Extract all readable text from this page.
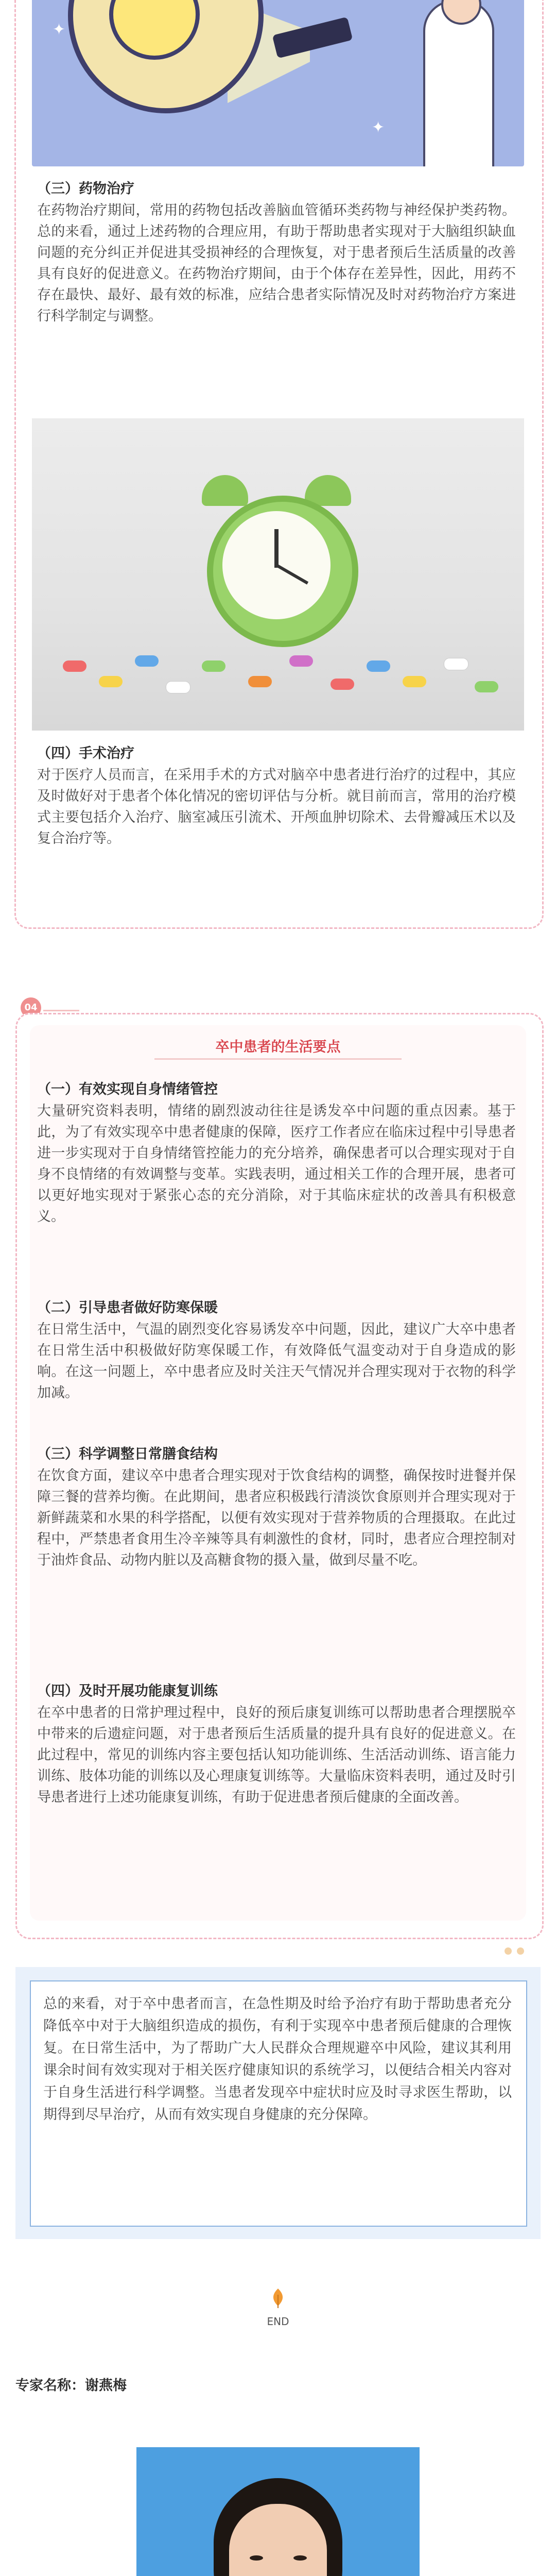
✦
✦
（三）药物治疗
在药物治疗期间，常用的药物包括改善脑血管循环类药物与神经保护类药物。总的来看，通过上述药物的合理应用，有助于帮助患者实现对于大脑组织缺血问题的充分纠正并促进其受损神经的合理恢复，对于患者预后生活质量的改善具有良好的促进意义。在药物治疗期间，由于个体存在差异性，因此，用药不存在最快、最好、最有效的标准，应结合患者实际情况及时对药物治疗方案进行科学制定与调整。
（四）手术治疗
对于医疗人员而言，在采用手术的方式对脑卒中患者进行治疗的过程中，其应及时做好对于患者个体化情况的密切评估与分析。就目前而言，常用的治疗模式主要包括介入治疗、脑室减压引流术、开颅血肿切除术、去骨瓣减压术以及复合治疗等。
04
卒中患者的生活要点
（一）有效实现自身情绪管控
大量研究资料表明，情绪的剧烈波动往往是诱发卒中问题的重点因素。基于此，为了有效实现卒中患者健康的保障，医疗工作者应在临床过程中引导患者进一步实现对于自身情绪管控能力的充分培养，确保患者可以合理实现对于自身不良情绪的有效调整与变革。实践表明，通过相关工作的合理开展，患者可以更好地实现对于紧张心态的充分消除，对于其临床症状的改善具有积极意义。
（二）引导患者做好防寒保暖
在日常生活中，气温的剧烈变化容易诱发卒中问题，因此，建议广大卒中患者在日常生活中积极做好防寒保暖工作，有效降低气温变动对于自身造成的影响。在这一问题上，卒中患者应及时关注天气情况并合理实现对于衣物的科学加减。
（三）科学调整日常膳食结构
在饮食方面，建议卒中患者合理实现对于饮食结构的调整，确保按时进餐并保障三餐的营养均衡。在此期间，患者应积极践行清淡饮食原则并合理实现对于新鲜蔬菜和水果的科学搭配，以便有效实现对于营养物质的合理摄取。在此过程中，严禁患者食用生冷辛辣等具有刺激性的食材，同时，患者应合理控制对于油炸食品、动物内脏以及高糖食物的摄入量，做到尽量不吃。
（四）及时开展功能康复训练
在卒中患者的日常护理过程中，良好的预后康复训练可以帮助患者合理摆脱卒中带来的后遗症问题，对于患者预后生活质量的提升具有良好的促进意义。在此过程中，常见的训练内容主要包括认知功能训练、生活活动训练、语言能力训练、肢体功能的训练以及心理康复训练等。大量临床资料表明，通过及时引导患者进行上述功能康复训练，有助于促进患者预后健康的全面改善。
总的来看，对于卒中患者而言，在急性期及时给予治疗有助于帮助患者充分降低卒中对于大脑组织造成的损伤，有利于实现卒中患者预后健康的合理恢复。在日常生活中，为了帮助广大人民群众合理规避卒中风险，建议其利用课余时间有效实现对于相关医疗健康知识的系统学习，以便结合相关内容对于自身生活进行科学调整。当患者发现卒中症状时应及时寻求医生帮助，以期得到尽早治疗，从而有效实现自身健康的充分保障。
END
专家名称：谢燕梅
